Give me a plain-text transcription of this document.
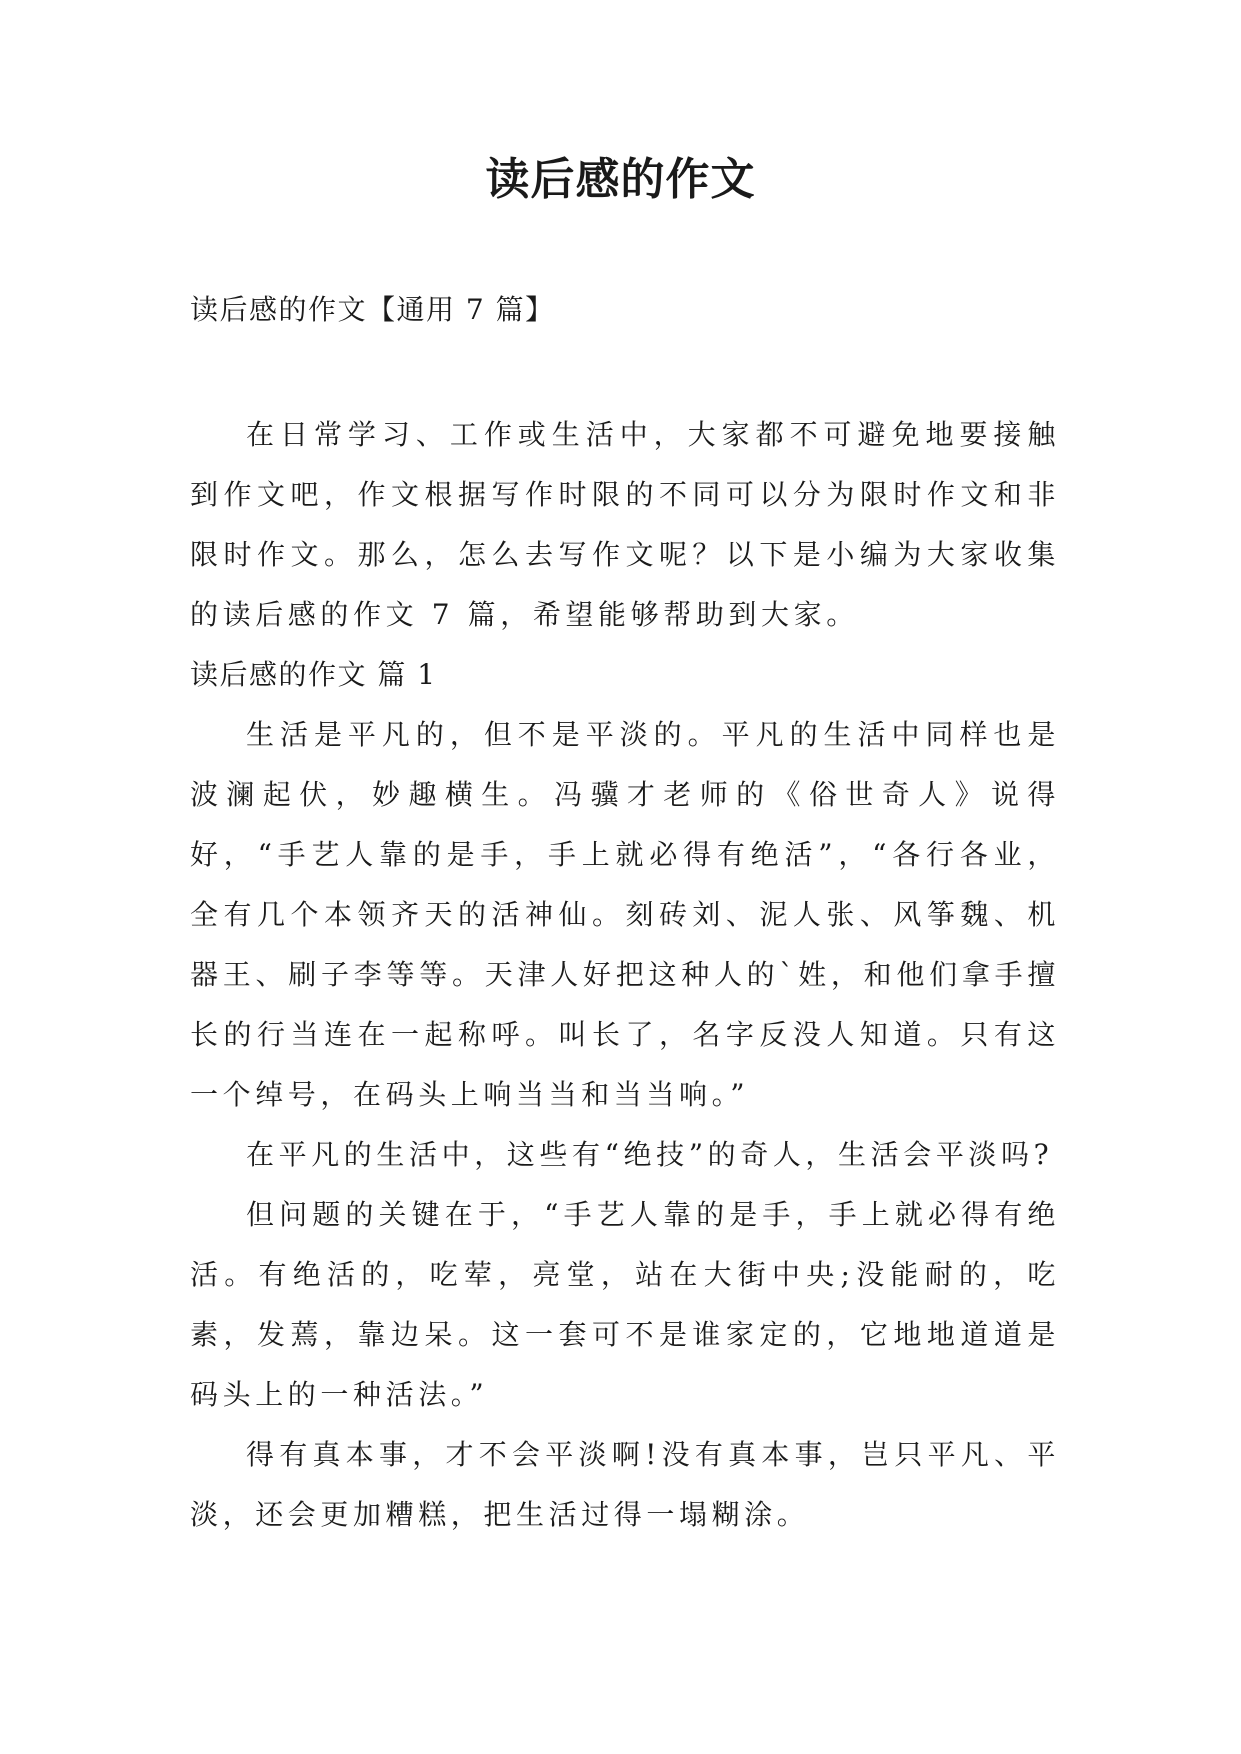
读后感的作文

读后感的作文【通用 7 篇】

在日常学习、工作或生活中，大家都不可避免地要接触到作文吧，作文根据写作时限的不同可以分为限时作文和非限时作文。那么，怎么去写作文呢？以下是小编为大家收集的读后感的作文 7 篇，希望能够帮助到大家。

读后感的作文 篇 1

生活是平凡的，但不是平淡的。平凡的生活中同样也是波澜起伏，妙趣横生。冯骥才老师的《俗世奇人》说得好，“手艺人靠的是手，手上就必得有绝活”，“各行各业，全有几个本领齐天的活神仙。刻砖刘、泥人张、风筝魏、机器王、刷子李等等。天津人好把这种人的`姓，和他们拿手擅长的行当连在一起称呼。叫长了，名字反没人知道。只有这一个绰号，在码头上响当当和当当响。”

在平凡的生活中，这些有“绝技”的奇人，生活会平淡吗?

但问题的关键在于，“手艺人靠的是手，手上就必得有绝活。有绝活的，吃荤，亮堂，站在大街中央;没能耐的，吃素，发蔫，靠边呆。这一套可不是谁家定的，它地地道道是码头上的一种活法。”

得有真本事，才不会平淡啊!没有真本事，岂只平凡、平淡，还会更加糟糕，把生活过得一塌糊涂。
